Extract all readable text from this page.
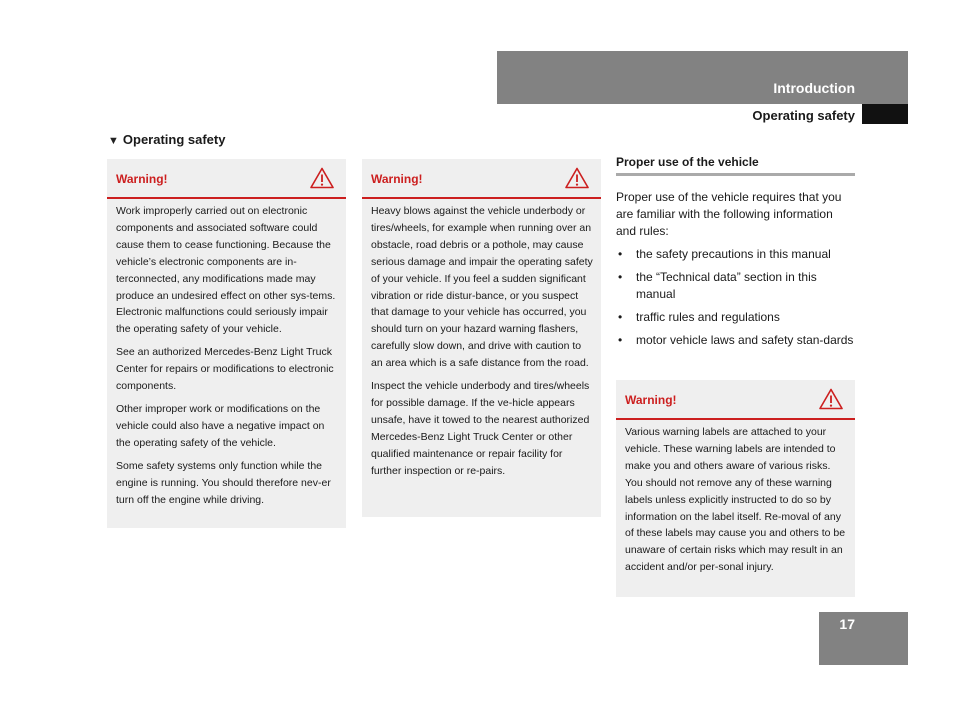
Introduction
Operating safety
▼ Operating safety
Warning!

Work improperly carried out on electronic components and associated software could cause them to cease functioning. Because the vehicle’s electronic components are in-terconnected, any modifications made may produce an undesired effect on other sys-tems. Electronic malfunctions could seriously impair the operating safety of your vehicle.

See an authorized Mercedes-Benz Light Truck Center for repairs or modifications to electronic components.

Other improper work or modifications on the vehicle could also have a negative impact on the operating safety of the vehicle.

Some safety systems only function while the engine is running. You should therefore nev-er turn off the engine while driving.

Warning!

Heavy blows against the vehicle underbody or tires/wheels, for example when running over an obstacle, road debris or a pothole, may cause serious damage and impair the operating safety of your vehicle. If you feel a sudden significant vibration or ride distur-bance, or you suspect that damage to your vehicle has occurred, you should turn on your hazard warning flashers, carefully slow down, and drive with caution to an area which is a safe distance from the road.

Inspect the vehicle underbody and tires/wheels for possible damage. If the ve-hicle appears unsafe, have it towed to the nearest authorized Mercedes-Benz Light Truck Center or other qualified maintenance or repair facility for further inspection or re-pairs.

Proper use of the vehicle

Proper use of the vehicle requires that you are familiar with the following information and rules:

• the safety precautions in this manual
• the “Technical data” section in this manual
• traffic rules and regulations
• motor vehicle laws and safety stan-dards
Warning!

Various warning labels are attached to your vehicle. These warning labels are intended to make you and others aware of various risks. You should not remove any of these warning labels unless explicitly instructed to do so by information on the label itself. Re-moval of any of these labels may cause you and others to be unaware of certain risks which may result in an accident and/or per-sonal injury.

17
